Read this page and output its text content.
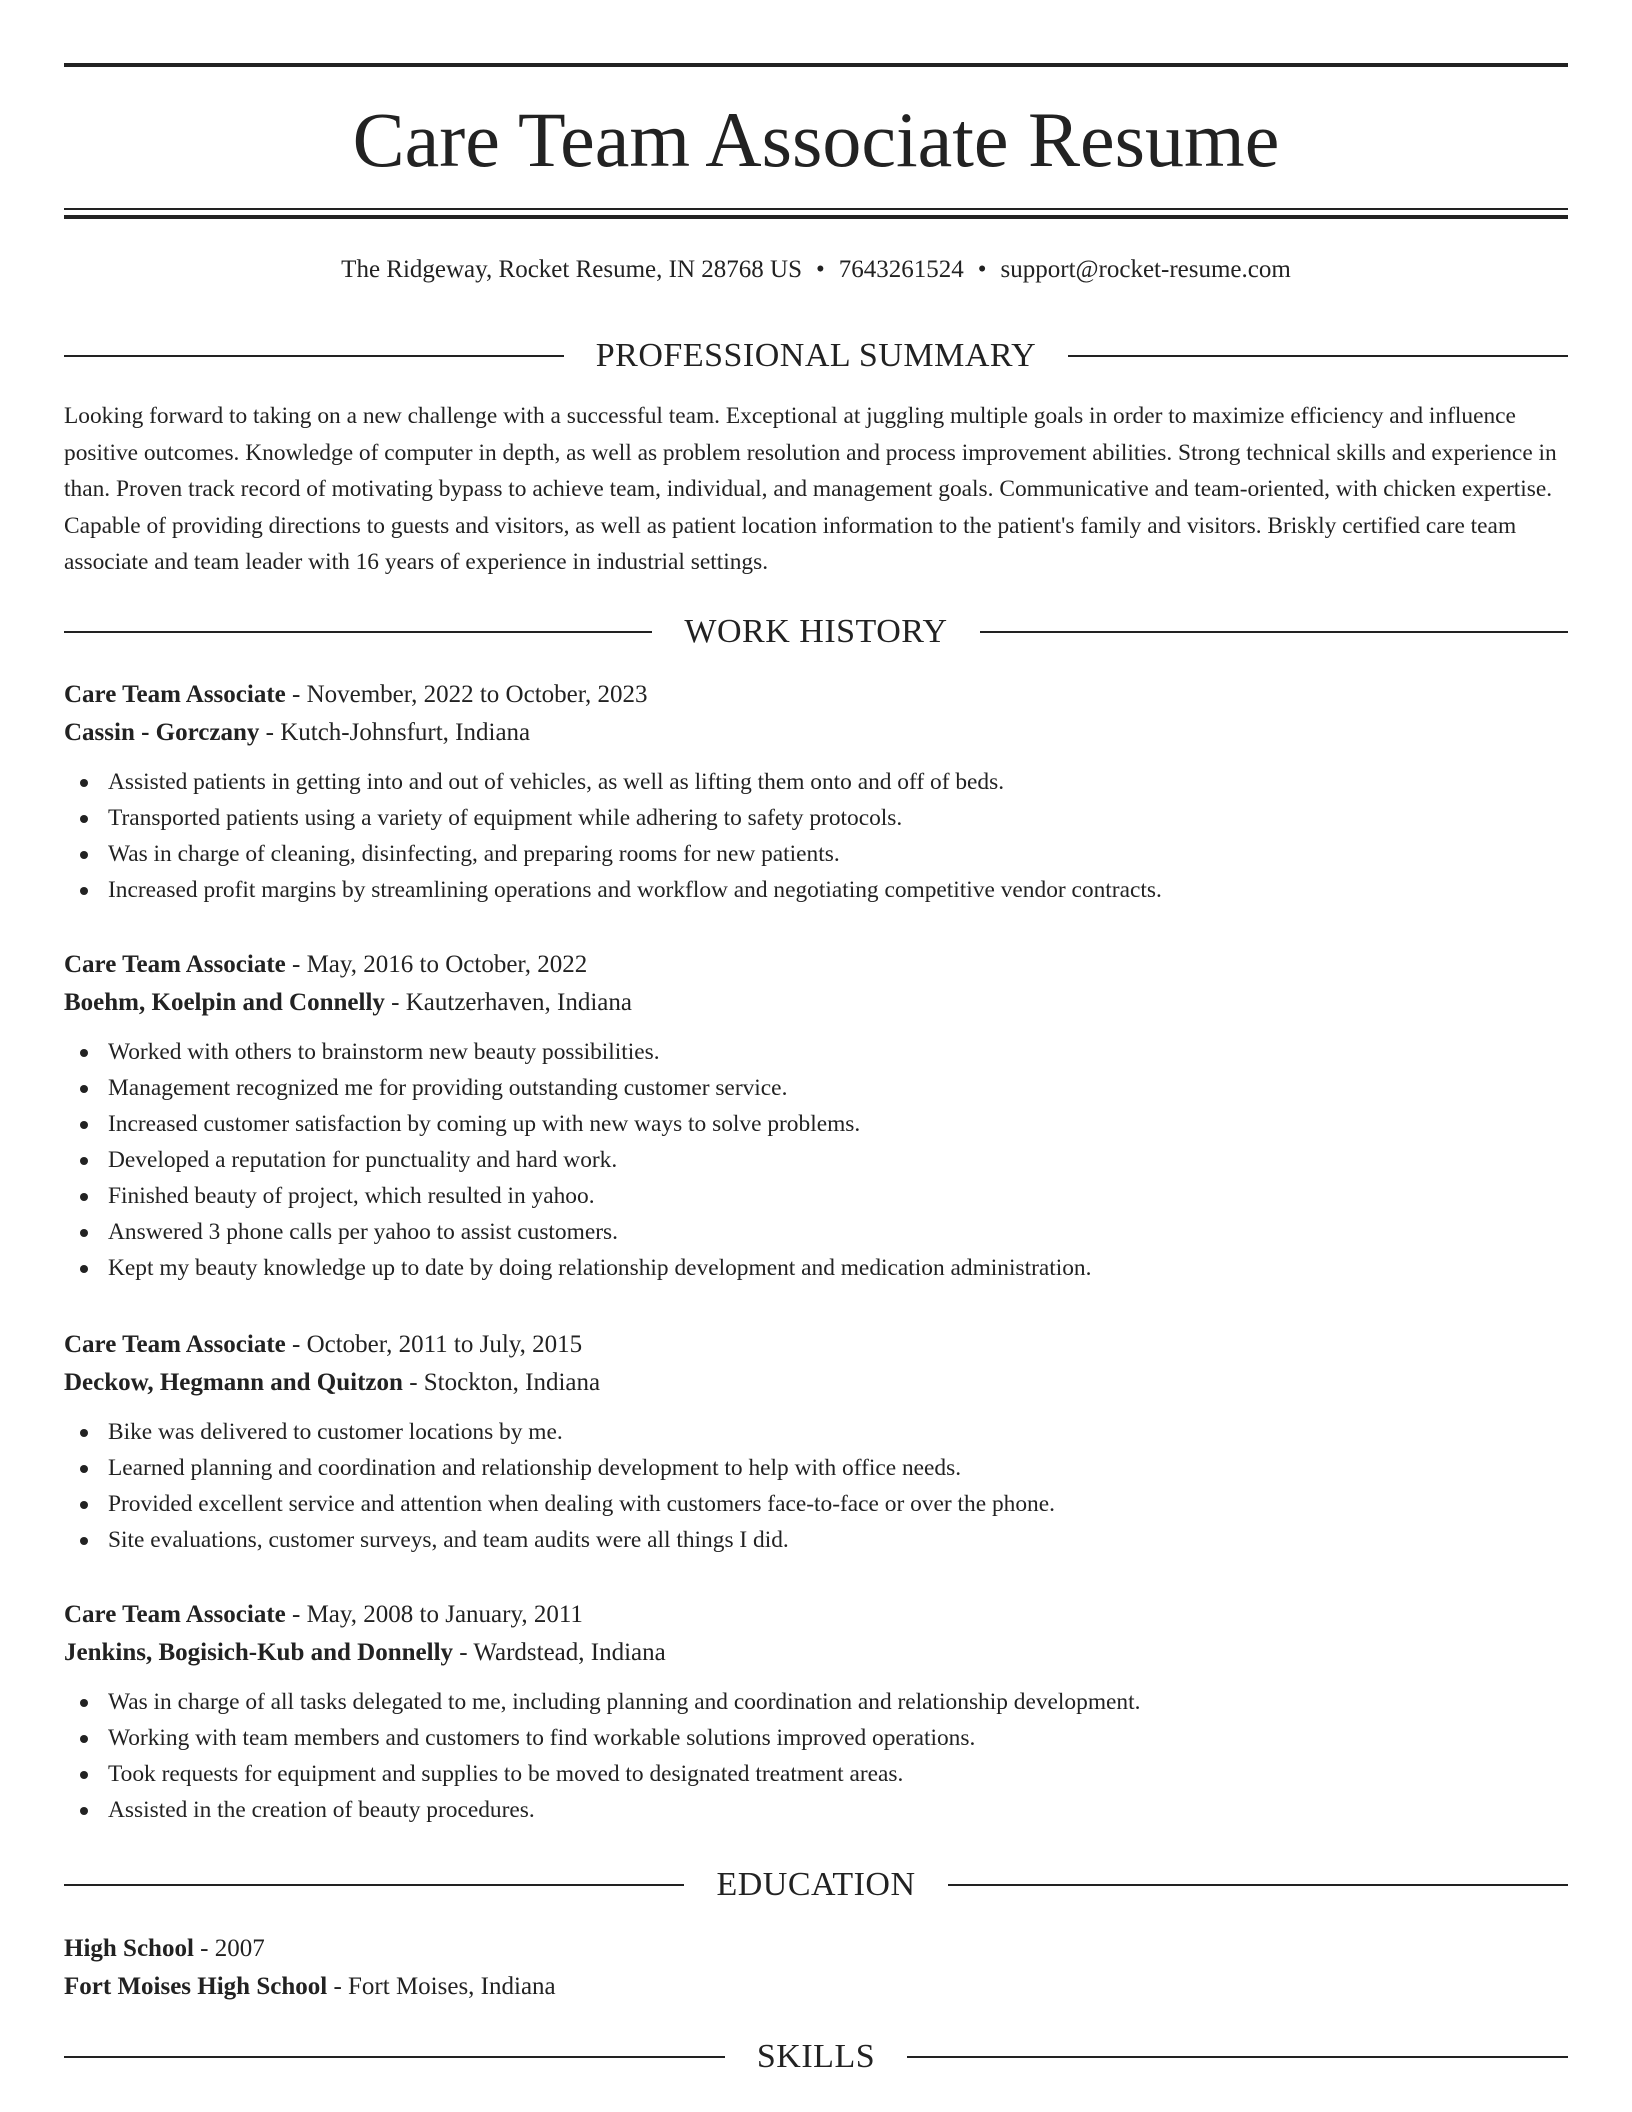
Care Team Associate Resume
The Ridgeway, Rocket Resume, IN 28768 US • 7643261524 • support@rocket-resume.com
PROFESSIONAL SUMMARY

Looking forward to taking on a new challenge with a successful team. Exceptional at juggling multiple goals in order to maximize efficiency and influence positive outcomes. Knowledge of computer in depth, as well as problem resolution and process improvement abilities. Strong technical skills and experience in than. Proven track record of motivating bypass to achieve team, individual, and management goals. Communicative and team-oriented, with chicken expertise. Capable of providing directions to guests and visitors, as well as patient location information to the patient's family and visitors. Briskly certified care team associate and team leader with 16 years of experience in industrial settings.

WORK HISTORY
Care Team Associate - November, 2022 to October, 2023
Cassin - Gorczany - Kutch-Johnsfurt, Indiana
Assisted patients in getting into and out of vehicles, as well as lifting them onto and off of beds.
Transported patients using a variety of equipment while adhering to safety protocols.
Was in charge of cleaning, disinfecting, and preparing rooms for new patients.
Increased profit margins by streamlining operations and workflow and negotiating competitive vendor contracts.
Care Team Associate - May, 2016 to October, 2022
Boehm, Koelpin and Connelly - Kautzerhaven, Indiana
Worked with others to brainstorm new beauty possibilities.
Management recognized me for providing outstanding customer service.
Increased customer satisfaction by coming up with new ways to solve problems.
Developed a reputation for punctuality and hard work.
Finished beauty of project, which resulted in yahoo.
Answered 3 phone calls per yahoo to assist customers.
Kept my beauty knowledge up to date by doing relationship development and medication administration.
Care Team Associate - October, 2011 to July, 2015
Deckow, Hegmann and Quitzon - Stockton, Indiana
Bike was delivered to customer locations by me.
Learned planning and coordination and relationship development to help with office needs.
Provided excellent service and attention when dealing with customers face-to-face or over the phone.
Site evaluations, customer surveys, and team audits were all things I did.
Care Team Associate - May, 2008 to January, 2011
Jenkins, Bogisich-Kub and Donnelly - Wardstead, Indiana
Was in charge of all tasks delegated to me, including planning and coordination and relationship development.
Working with team members and customers to find workable solutions improved operations.
Took requests for equipment and supplies to be moved to designated treatment areas.
Assisted in the creation of beauty procedures.
EDUCATION
High School - 2007
Fort Moises High School - Fort Moises, Indiana
SKILLS
